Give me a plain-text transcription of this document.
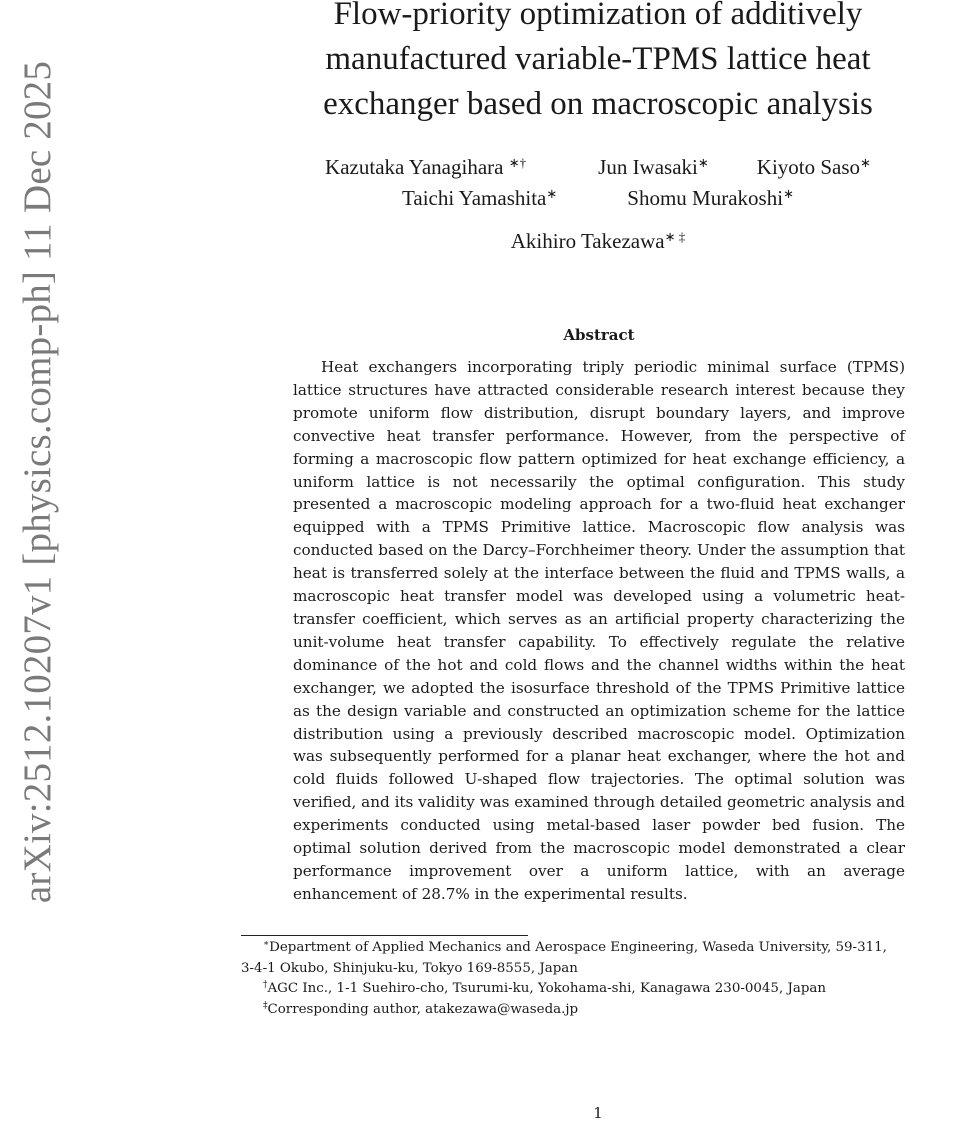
arXiv:2512.10207v1 [physics.comp-ph] 11 Dec 2025
Flow-priority optimization of additively
manufactured variable-TPMS lattice heat
exchanger based on macroscopic analysis
Kazutaka Yanagihara ∗†	Jun Iwasaki∗ Kiyoto Saso∗
Taichi Yamashita∗	Shomu Murakoshi∗
Akihiro Takezawa∗ ‡
Abstract

Heat exchangers incorporating triply periodic minimal surface (TPMS) lattice structures have attracted considerable research interest because they promote uniform flow distribution, disrupt boundary layers, and improve convective heat transfer performance. However, from the perspective of forming a macroscopic flow pattern optimized for heat exchange efficiency, a uniform lattice is not necessarily the optimal configuration. This study presented a macroscopic modeling approach for a two-fluid heat exchanger equipped with a TPMS Primitive lattice. Macroscopic flow analysis was conducted based on the Darcy–Forchheimer theory. Under the assumption that heat is transferred solely at the interface between the fluid and TPMS walls, a macroscopic heat transfer model was developed using a volumetric heat-transfer coefficient, which serves as an artificial property characterizing the unit-volume heat transfer capability. To effectively regulate the relative dominance of the hot and cold flows and the channel widths within the heat exchanger, we adopted the isosurface threshold of the TPMS Primitive lattice as the design variable and constructed an optimization scheme for the lattice distribution using a previously described macroscopic model. Optimization was subsequently performed for a planar heat exchanger, where the hot and cold fluids followed U-shaped flow trajectories. The optimal solution was verified, and its validity was examined through detailed geometric analysis and experiments conducted using metal-based laser powder bed fusion. The optimal solution derived from the macroscopic model demonstrated a clear performance improvement over a uniform lattice, with an average enhancement of 28.7% in the experimental results.

∗Department of Applied Mechanics and Aerospace Engineering, Waseda University, 59-311,
3-4-1 Okubo, Shinjuku-ku, Tokyo 169-8555, Japan
†AGC Inc., 1-1 Suehiro-cho, Tsurumi-ku, Yokohama-shi, Kanagawa 230-0045, Japan
‡Corresponding author, atakezawa@waseda.jp
1
